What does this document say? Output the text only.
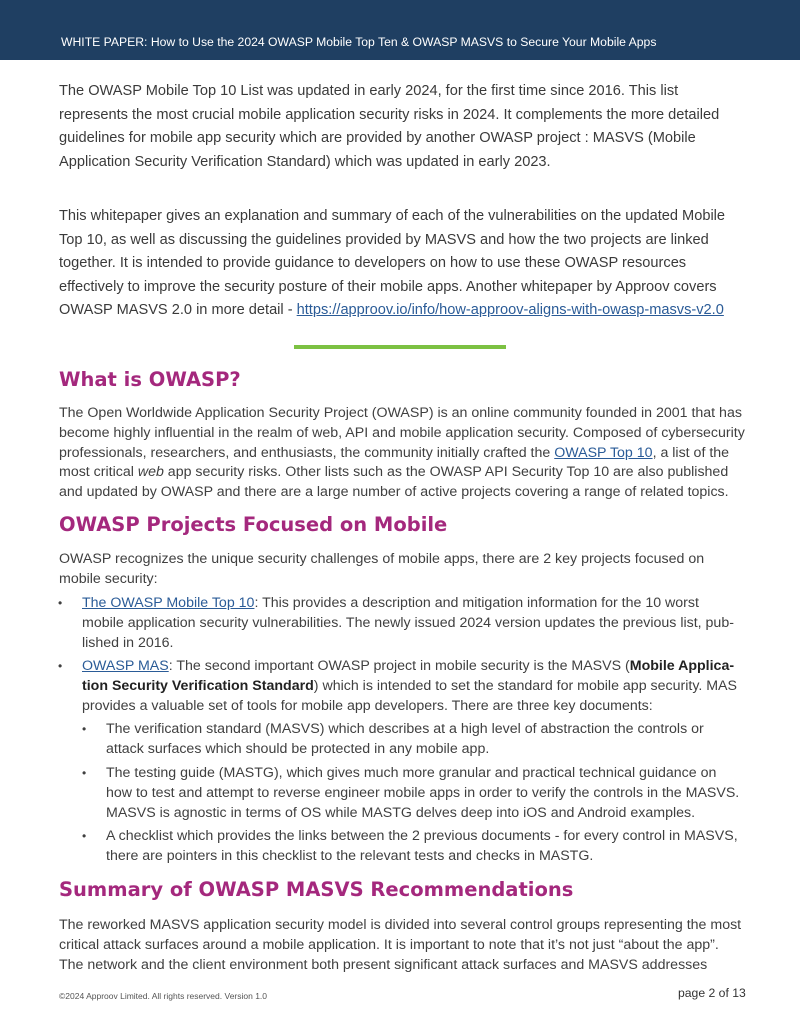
WHITE PAPER: How to Use the 2024 OWASP Mobile Top Ten & OWASP MASVS to Secure Your Mobile Apps

The OWASP Mobile Top 10 List was updated in early 2024, for the first time since 2016. This list represents the most crucial mobile application security risks in 2024. It complements the more detailed guidelines for mobile app security which are provided by another OWASP project : MASVS (Mobile Application Security Verification Standard) which was updated in early 2023.

This whitepaper gives an explanation and summary of each of the vulnerabilities on the updated Mobile Top 10, as well as discussing the guidelines provided by MASVS and how the two projects are linked together. It is intended to provide guidance to developers on how to use these OWASP resources effectively to improve the security posture of their mobile apps. Another whitepaper by Approov covers OWASP MASVS 2.0 in more detail - https://approov.io/info/how-approov-aligns-with-owasp-masvs-v2.0

What is OWASP?

The Open Worldwide Application Security Project (OWASP) is an online community founded in 2001 that has become highly influential in the realm of web, API and mobile application security. Composed of cybersecurity professionals, researchers, and enthusiasts, the community initially crafted the OWASP Top 10, a list of the most critical web app security risks. Other lists such as the OWASP API Security Top 10 are also published and updated by OWASP and there are a large number of active projects covering a range of related topics.

OWASP Projects Focused on Mobile

OWASP recognizes the unique security challenges of mobile apps, there are 2 key projects focused on mobile security:

• The OWASP Mobile Top 10: This provides a description and mitigation information for the 10 worst mobile application security vulnerabilities. The newly issued 2024 version updates the previous list, pub-lished in 2016.
• OWASP MAS: The second important OWASP project in mobile security is the MASVS (Mobile Applica-tion Security Verification Standard) which is intended to set the standard for mobile app security. MAS provides a valuable set of tools for mobile app developers. There are three key documents:
• The verification standard (MASVS) which describes at a high level of abstraction the controls or attack surfaces which should be protected in any mobile app.
• The testing guide (MASTG), which gives much more granular and practical technical guidance on how to test and attempt to reverse engineer mobile apps in order to verify the controls in the MASVS. MASVS is agnostic in terms of OS while MASTG delves deep into iOS and Android examples.
• A checklist which provides the links between the 2 previous documents - for every control in MASVS, there are pointers in this checklist to the relevant tests and checks in MASTG.
Summary of OWASP MASVS Recommendations

The reworked MASVS application security model is divided into several control groups representing the most critical attack surfaces around a mobile application. It is important to note that it’s not just “about the app”. The network and the client environment both present significant attack surfaces and MASVS addresses

©2024 Approov Limited. All rights reserved. Version 1.0	page 2 of 13
